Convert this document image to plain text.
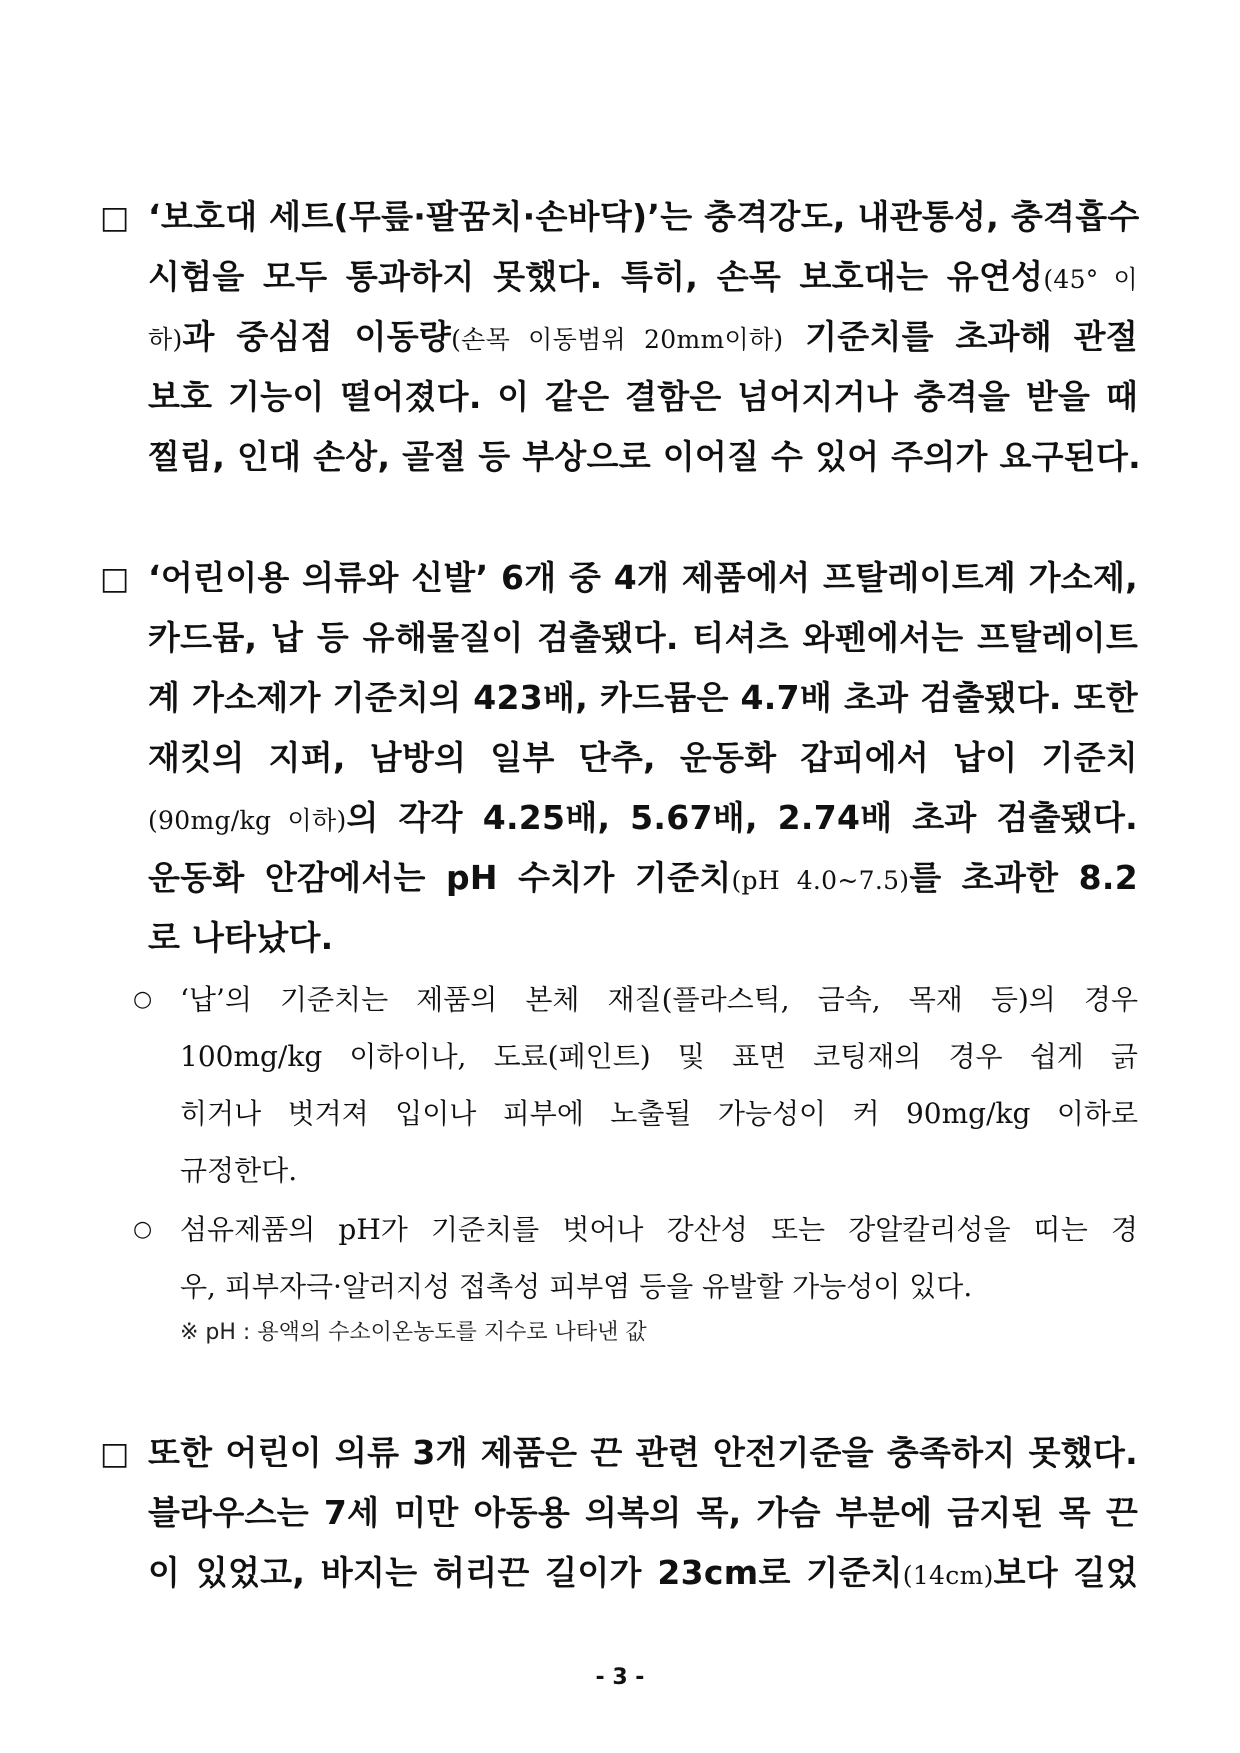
□ ‘보호대 세트(무릎·팔꿈치·손바닥)’는 충격강도, 내관통성, 충격흡수
시험을 모두 통과하지 못했다. 특히, 손목 보호대는 유연성(45° 이
하)과 중심점 이동량(손목 이동범위 20mm이하) 기준치를 초과해 관절
보호 기능이 떨어졌다. 이 같은 결함은 넘어지거나 충격을 받을 때
찔림, 인대 손상, 골절 등 부상으로 이어질 수 있어 주의가 요구된다.
□ ‘어린이용 의류와 신발’ 6개 중 4개 제품에서 프탈레이트계 가소제,
카드뮴, 납 등 유해물질이 검출됐다. 티셔츠 와펜에서는 프탈레이트
계 가소제가 기준치의 423배, 카드뮴은 4.7배 초과 검출됐다. 또한
재킷의 지퍼, 남방의 일부 단추, 운동화 갑피에서 납이 기준치
(90mg/kg 이하)의 각각 4.25배, 5.67배, 2.74배 초과 검출됐다.
운동화 안감에서는 pH 수치가 기준치(pH 4.0~7.5)를 초과한 8.2
로 나타났다.
○ ‘납’의 기준치는 제품의 본체 재질(플라스틱, 금속, 목재 등)의 경우
100mg/kg 이하이나, 도료(페인트) 및 표면 코팅재의 경우 쉽게 긁
히거나 벗겨져 입이나 피부에 노출될 가능성이 커 90mg/kg 이하로
규정한다.
○ 섬유제품의 pH가 기준치를 벗어나 강산성 또는 강알칼리성을 띠는 경
우, 피부자극·알러지성 접촉성 피부염 등을 유발할 가능성이 있다.
※ pH : 용액의 수소이온농도를 지수로 나타낸 값
□ 또한 어린이 의류 3개 제품은 끈 관련 안전기준을 충족하지 못했다.
블라우스는 7세 미만 아동용 의복의 목, 가슴 부분에 금지된 목 끈
이 있었고, 바지는 허리끈 길이가 23cm로 기준치(14cm)보다 길었
- 3 -
